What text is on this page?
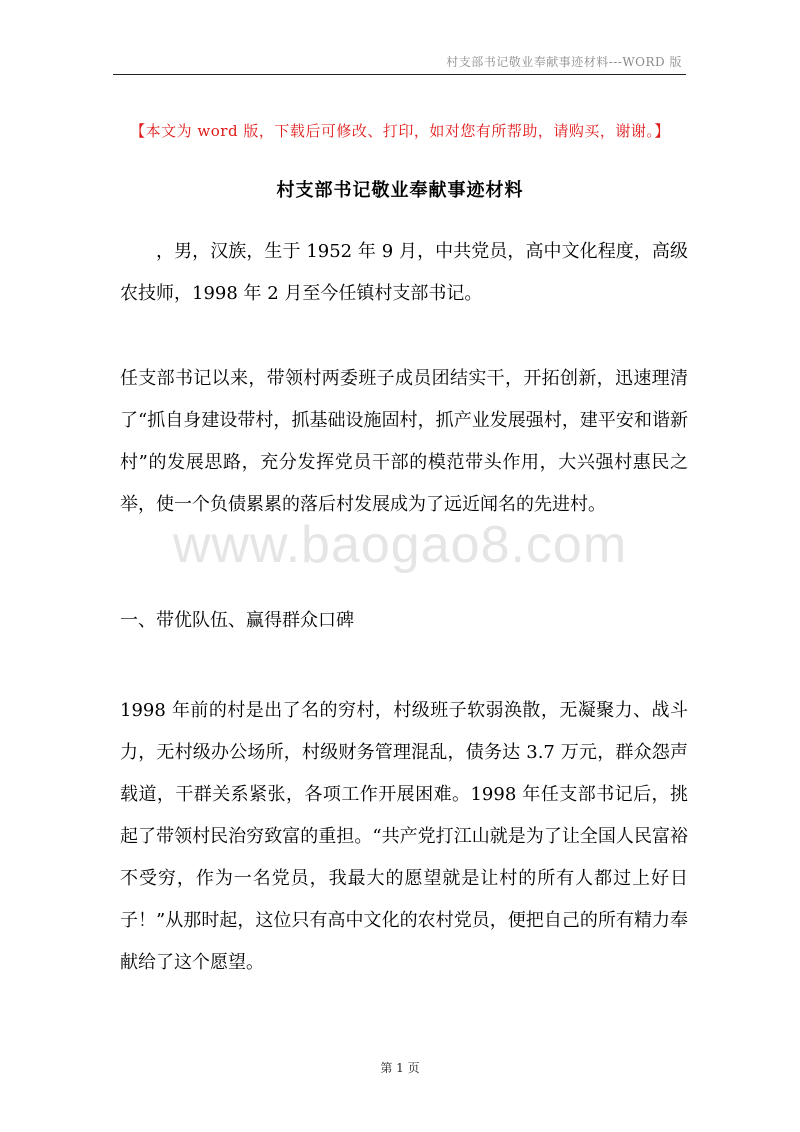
村支部书记敬业奉献事迹材料---WORD 版
【本文为 word 版，下载后可修改、打印，如对您有所帮助，请购买，谢谢。】
村支部书记敬业奉献事迹材料

，男，汉族，生于 1952 年 9 月，中共党员，高中文化程度，高级农技师，1998 年 2 月至今任镇村支部书记。

任支部书记以来，带领村两委班子成员团结实干，开拓创新，迅速理清了“抓自身建设带村，抓基础设施固村，抓产业发展强村，建平安和谐新村”的发展思路，充分发挥党员干部的模范带头作用，大兴强村惠民之举，使一个负债累累的落后村发展成为了远近闻名的先进村。

www.baogao8.com

一、带优队伍、赢得群众口碑

1998 年前的村是出了名的穷村，村级班子软弱涣散，无凝聚力、战斗力，无村级办公场所，村级财务管理混乱，债务达 3.7 万元，群众怨声载道，干群关系紧张，各项工作开展困难。1998 年任支部书记后，挑起了带领村民治穷致富的重担。“共产党打江山就是为了让全国人民富裕不受穷，作为一名党员，我最大的愿望就是让村的所有人都过上好日子！”从那时起，这位只有高中文化的农村党员，便把自己的所有精力奉献给了这个愿望。

第 1 页
